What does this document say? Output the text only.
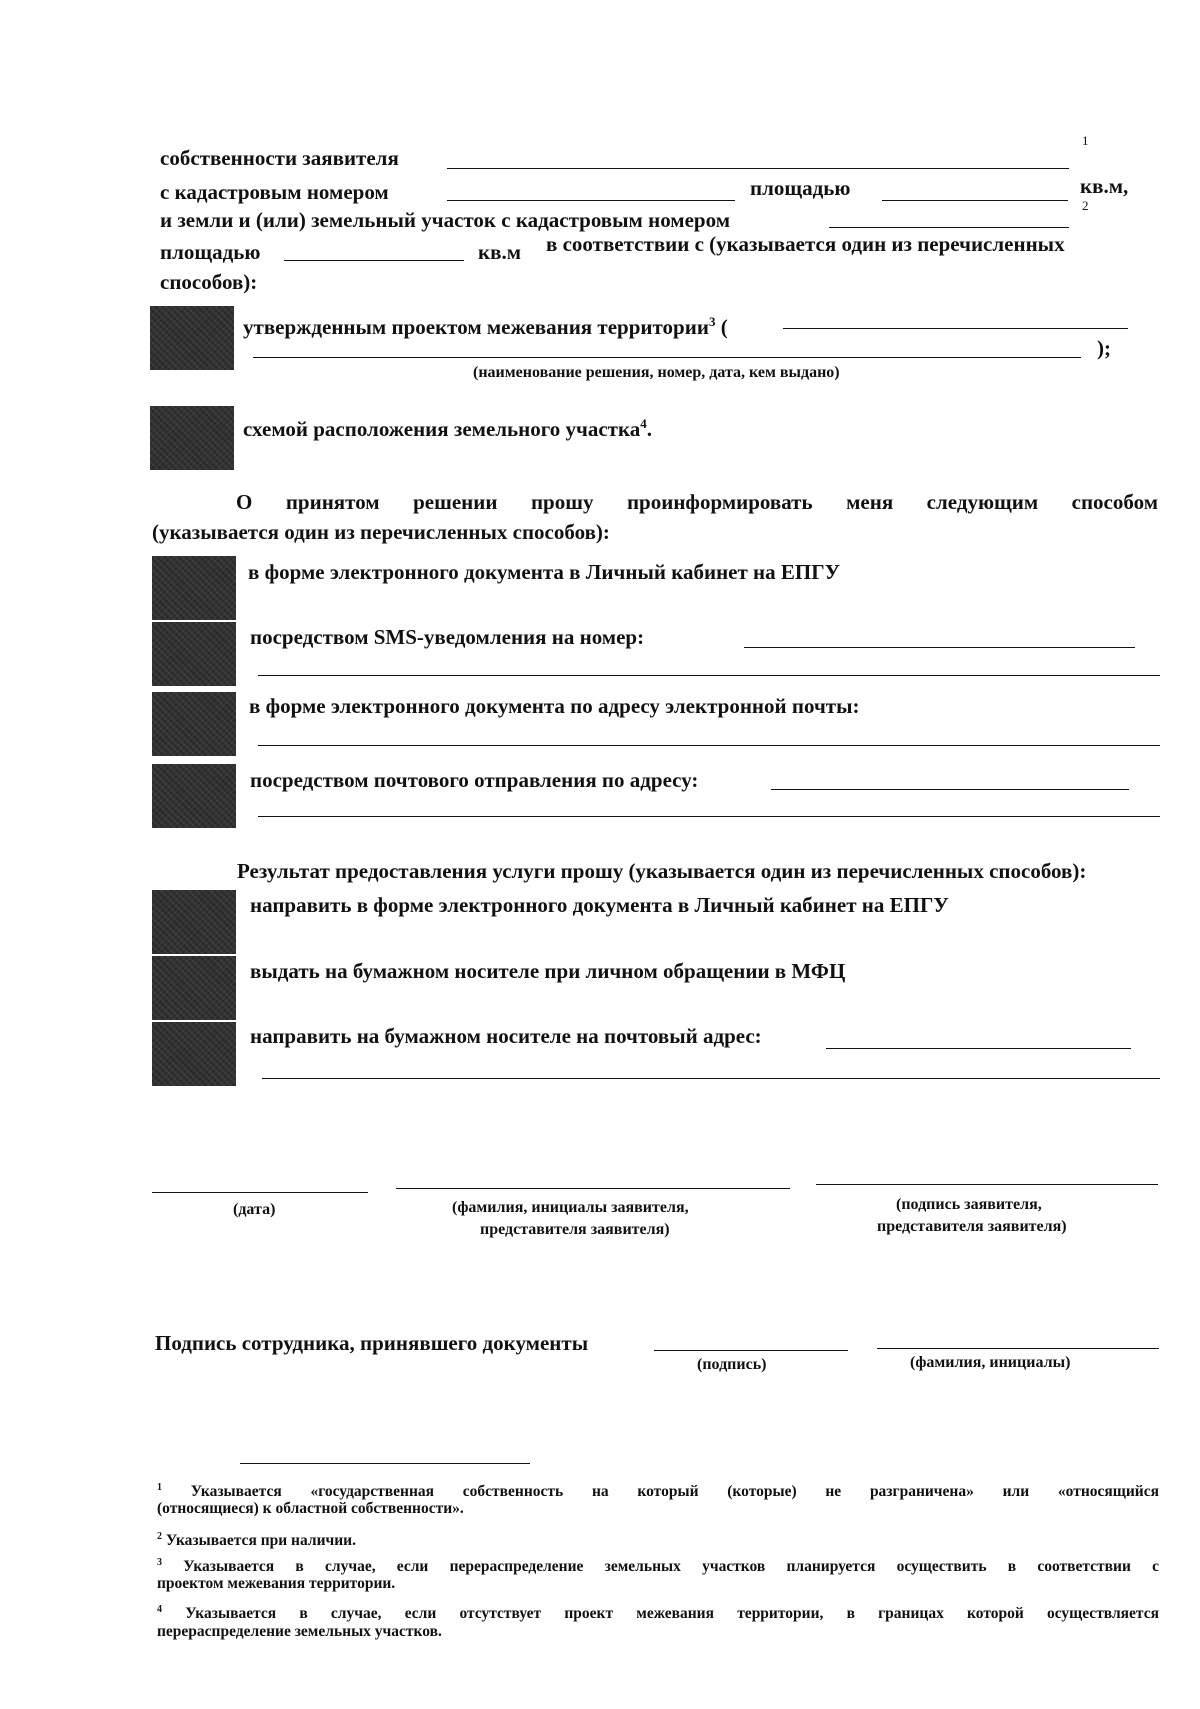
1
собственности заявителя
с кадастровым номером	площадью	кв.м,
2
и земли и (или) земельный участок с кадастровым номером
площадью	кв.м в соответствии с (указывается один из перечисленных
способов):
утвержденным проектом межевания территории$^3$ (
);
(наименование решения, номер, дата, кем выдано)
схемой расположения земельного участка$^4$.
О принятом решении прошу проинформировать меня следующим способом
(указывается один из перечисленных способов):
в форме электронного документа в Личный кабинет на ЕПГУ
посредством SMS-уведомления на номер:
в форме электронного документа по адресу электронной почты:
посредством почтового отправления по адресу:
Результат предоставления услуги прошу (указывается один из перечисленных способов):
направить в форме электронного документа в Личный кабинет на ЕПГУ
выдать на бумажном носителе при личном обращении в МФЦ
направить на бумажном носителе на почтовый адрес:
(дата)	(фамилия, инициалы заявителя,
представителя заявителя)
(подпись заявителя,
представителя заявителя)
Подпись сотрудника, принявшего документы
(подпись)	(фамилия, инициалы)
$^1$ Указывается «государственная собственность на который (которые) не разграничена» или «относящийся
(относящиеся) к областной собственности».
$^2$ Указывается при наличии.
$^3$ Указывается в случае, если перераспределение земельных участков планируется осуществить в соответствии с
проектом межевания территории.
$^4$ Указывается в случае, если отсутствует проект межевания территории, в границах которой осуществляется
перераспределение земельных участков.
